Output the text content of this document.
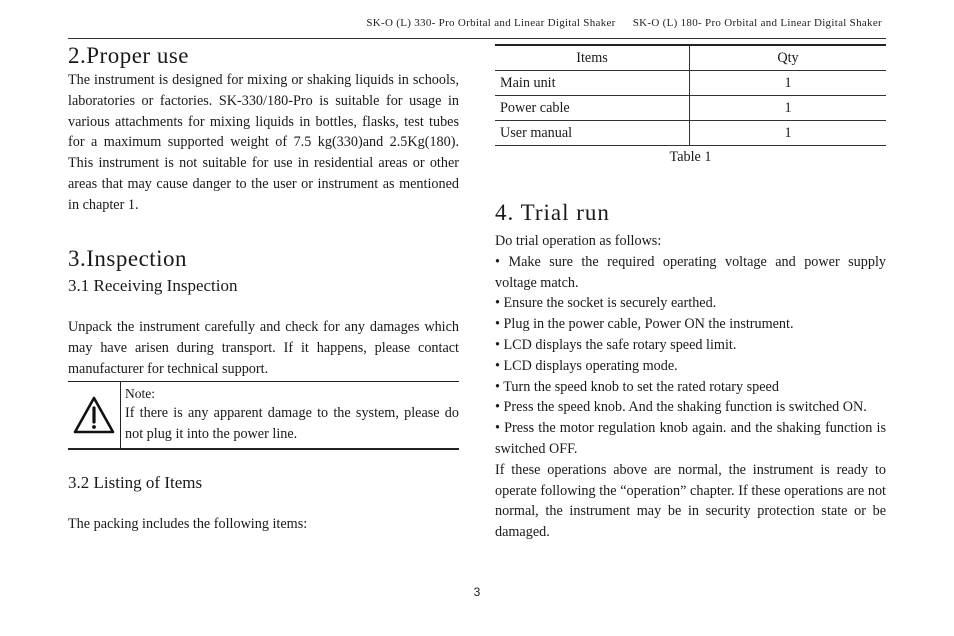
SK-O (L) 330- Pro Orbital and Linear Digital Shaker SK-O (L) 180- Pro Orbital and Linear Digital Shaker
2.Proper use

The instrument is designed for mixing or shaking liquids in schools, laboratories or factories. SK-330/180-Pro is suitable for usage in various attachments for mixing liquids in bottles, flasks, test tubes for a maximum supported weight of 7.5 kg(330)and 2.5Kg(180). This instrument is not suitable for use in residential areas or other areas that may cause danger to the user or instrument as mentioned in chapter 1.

3.Inspection
3.1 Receiving Inspection

Unpack the instrument carefully and check for any damages which may have arisen during transport. If it happens, please contact manufacturer for technical support.

Note:
If there is any apparent damage to the system, please do not plug it into the power line.
3.2 Listing of Items

The packing includes the following items:

Items	Qty
Main unit	1
Power cable	1
User manual	1
Table 1
4. Trial run

Do trial operation as follows:

• Make sure the required operating voltage and power supply voltage match.

• Ensure the socket is securely earthed.

• Plug in the power cable, Power ON the instrument.

• LCD displays the safe rotary speed limit.

• LCD displays operating mode.

• Turn the speed knob to set the rated rotary speed

• Press the speed knob. And the shaking function is switched ON.

• Press the motor regulation knob again. and the shaking function is switched OFF.

If these operations above are normal, the instrument is ready to operate following the “operation” chapter. If these operations are not normal, the instrument may be in security protection state or be damaged.

3
